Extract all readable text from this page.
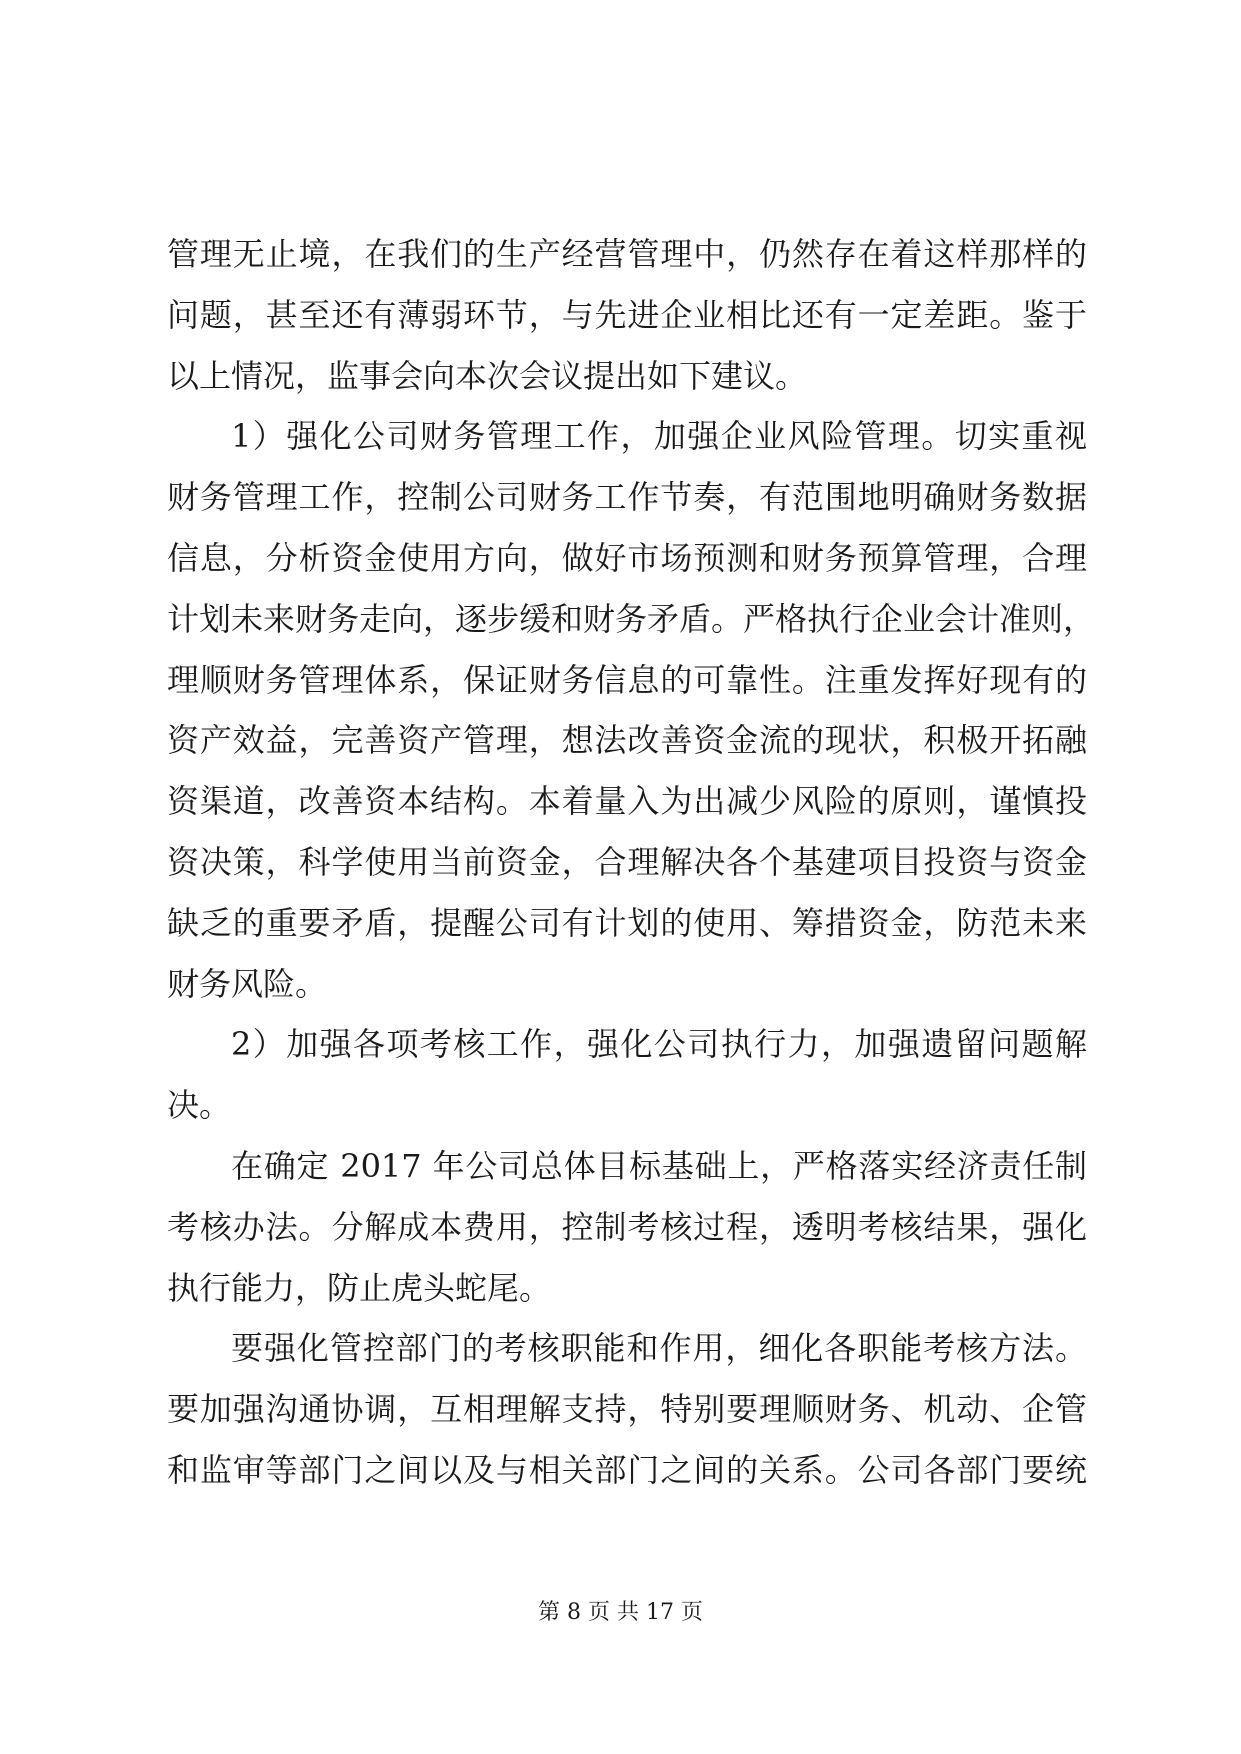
管理无止境，在我们的生产经营管理中，仍然存在着这样那样的
问题，甚至还有薄弱环节，与先进企业相比还有一定差距。鉴于
以上情况，监事会向本次会议提出如下建议。
1）强化公司财务管理工作，加强企业风险管理。切实重视
财务管理工作，控制公司财务工作节奏，有范围地明确财务数据
信息，分析资金使用方向，做好市场预测和财务预算管理，合理
计划未来财务走向，逐步缓和财务矛盾。严格执行企业会计准则，
理顺财务管理体系，保证财务信息的可靠性。注重发挥好现有的
资产效益，完善资产管理，想法改善资金流的现状，积极开拓融
资渠道，改善资本结构。本着量入为出减少风险的原则，谨慎投
资决策，科学使用当前资金，合理解决各个基建项目投资与资金
缺乏的重要矛盾，提醒公司有计划的使用、筹措资金，防范未来
财务风险。
2）加强各项考核工作，强化公司执行力，加强遗留问题解
决。
在确定 2017 年公司总体目标基础上，严格落实经济责任制
考核办法。分解成本费用，控制考核过程，透明考核结果，强化
执行能力，防止虎头蛇尾。
要强化管控部门的考核职能和作用，细化各职能考核方法。
要加强沟通协调，互相理解支持，特别要理顺财务、机动、企管
和监审等部门之间以及与相关部门之间的关系。公司各部门要统
第 8 页 共 17 页
